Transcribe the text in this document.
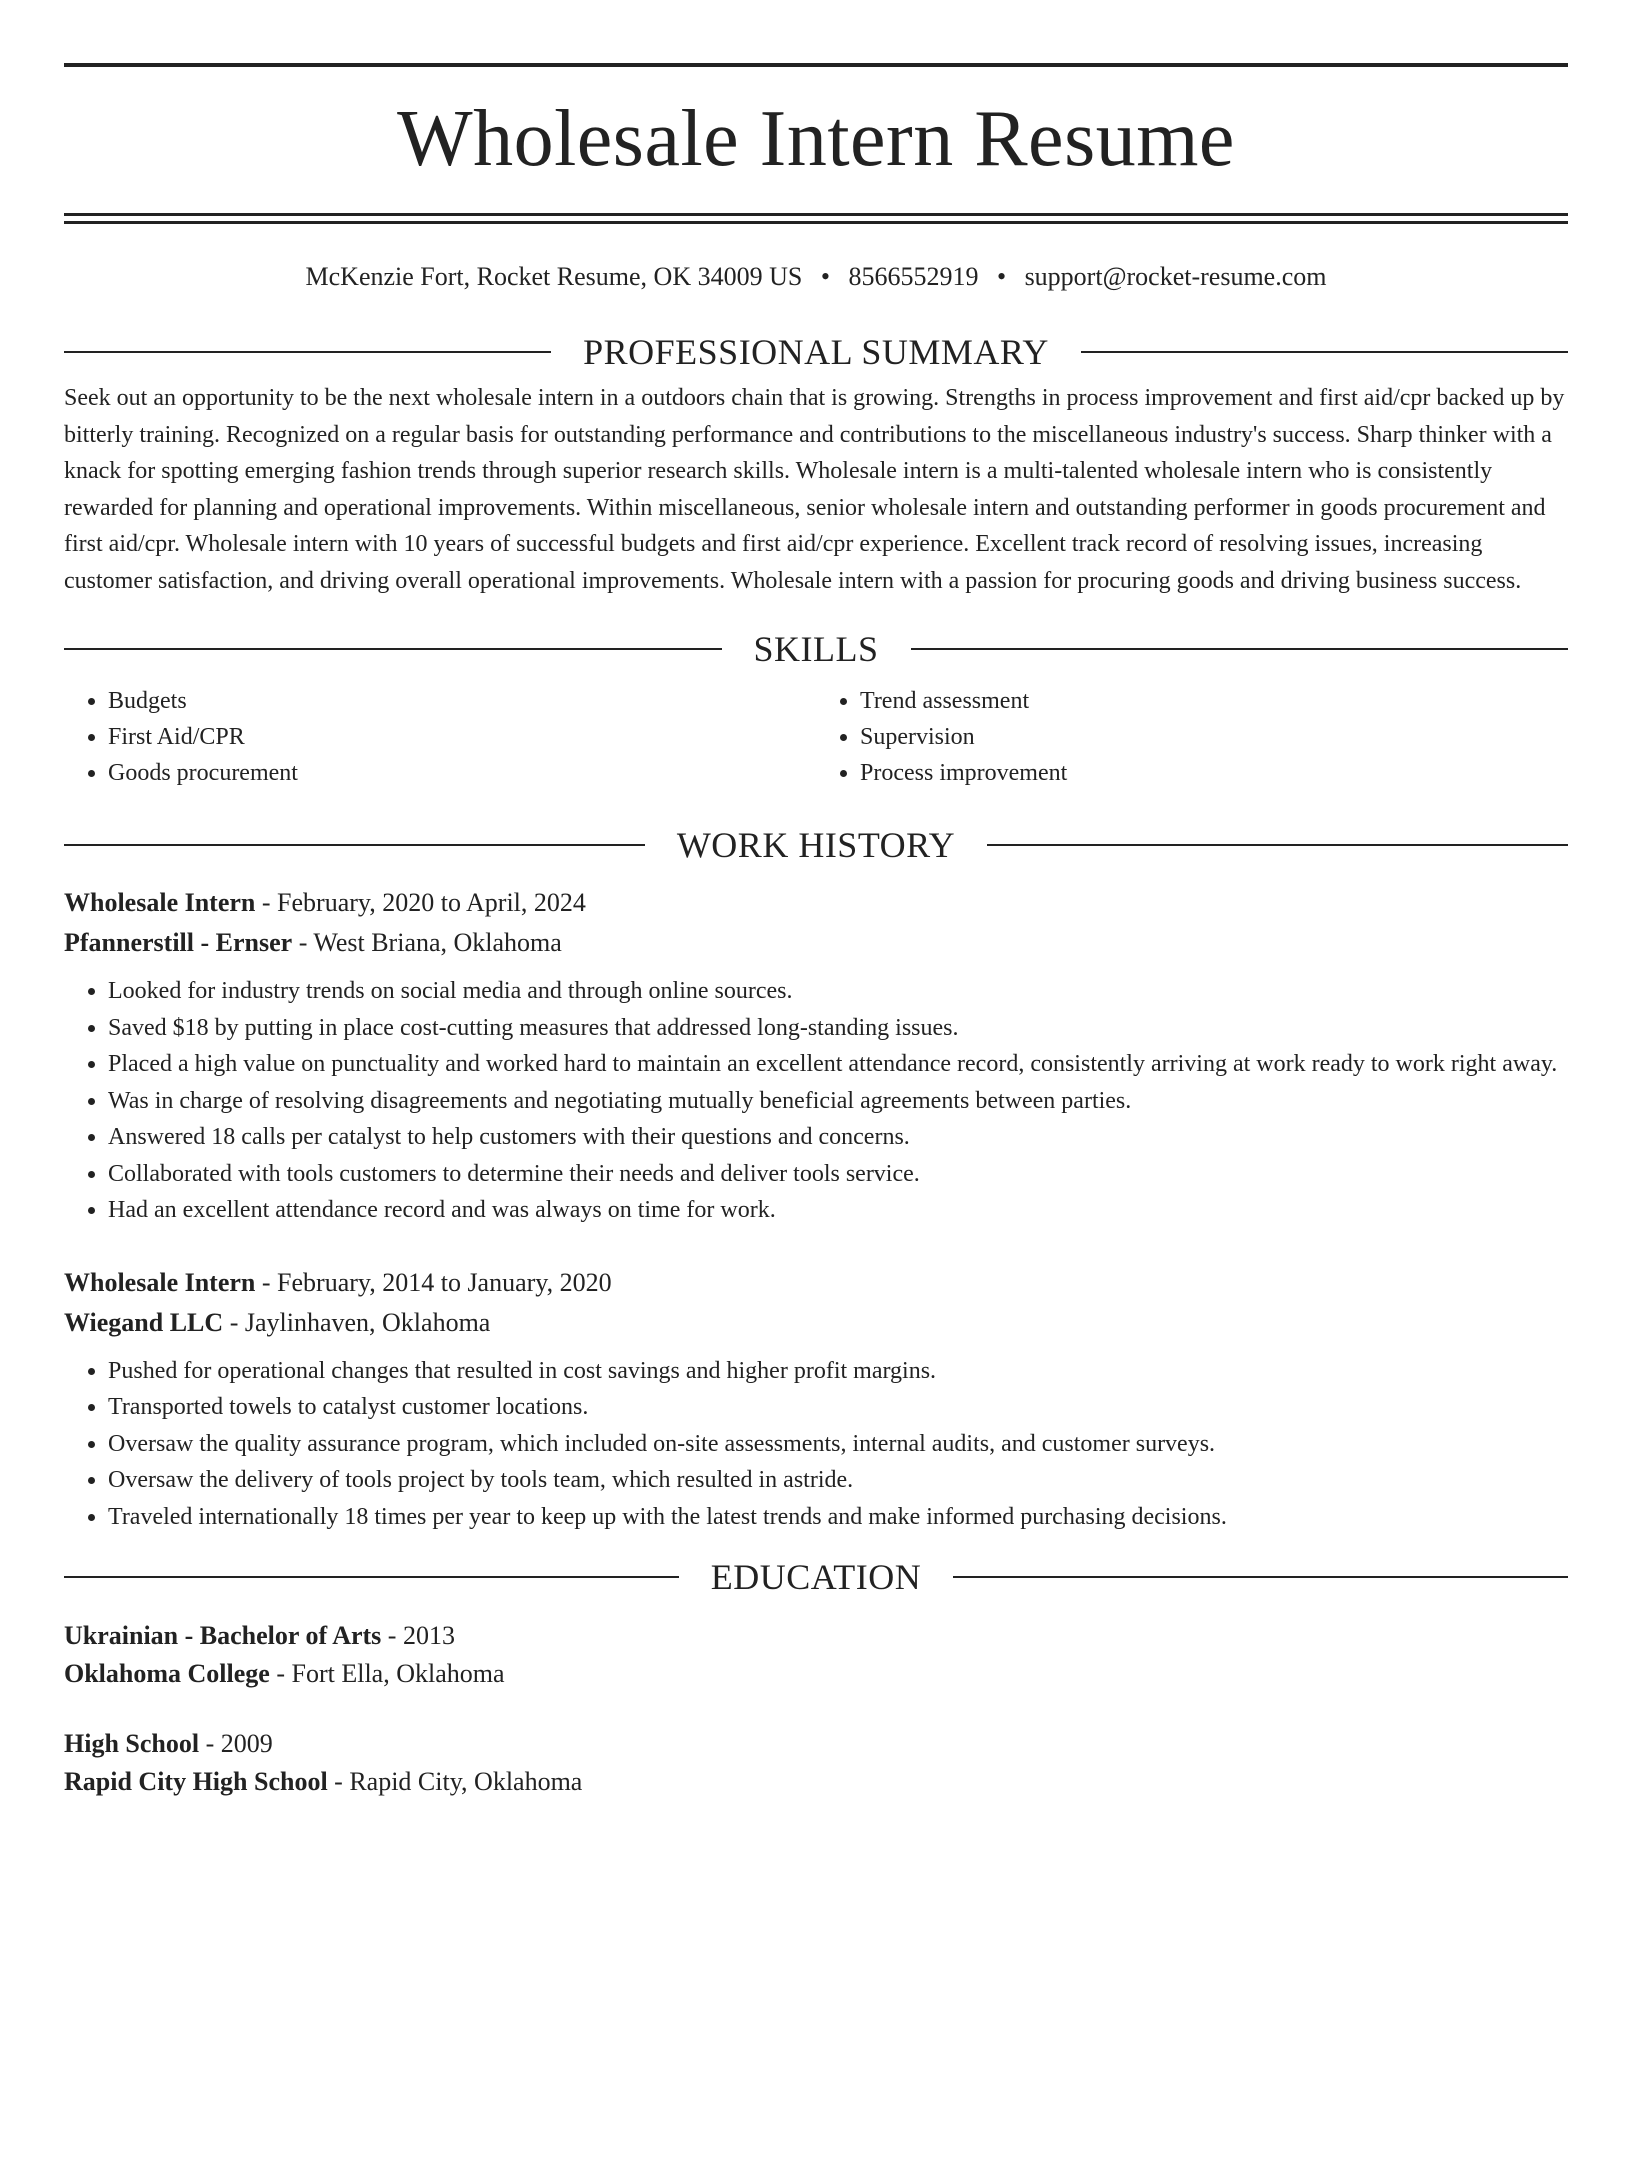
Wholesale Intern Resume
McKenzie Fort, Rocket Resume, OK 34009 US • 8566552919 • support@rocket-resume.com
PROFESSIONAL SUMMARY

Seek out an opportunity to be the next wholesale intern in a outdoors chain that is growing. Strengths in process improvement and first aid/cpr backed up by bitterly training. Recognized on a regular basis for outstanding performance and contributions to the miscellaneous industry's success. Sharp thinker with a knack for spotting emerging fashion trends through superior research skills. Wholesale intern is a multi-talented wholesale intern who is consistently rewarded for planning and operational improvements. Within miscellaneous, senior wholesale intern and outstanding performer in goods procurement and first aid/cpr. Wholesale intern with 10 years of successful budgets and first aid/cpr experience. Excellent track record of resolving issues, increasing customer satisfaction, and driving overall operational improvements. Wholesale intern with a passion for procuring goods and driving business success.

SKILLS
• Budgets
• First Aid/CPR
• Goods procurement
• Trend assessment
• Supervision
• Process improvement
WORK HISTORY
Wholesale Intern - February, 2020 to April, 2024
Pfannerstill - Ernser - West Briana, Oklahoma
• Looked for industry trends on social media and through online sources.
• Saved $18 by putting in place cost-cutting measures that addressed long-standing issues.
• Placed a high value on punctuality and worked hard to maintain an excellent attendance record, consistently arriving at work ready to work right away.
• Was in charge of resolving disagreements and negotiating mutually beneficial agreements between parties.
• Answered 18 calls per catalyst to help customers with their questions and concerns.
• Collaborated with tools customers to determine their needs and deliver tools service.
• Had an excellent attendance record and was always on time for work.
Wholesale Intern - February, 2014 to January, 2020
Wiegand LLC - Jaylinhaven, Oklahoma
• Pushed for operational changes that resulted in cost savings and higher profit margins.
• Transported towels to catalyst customer locations.
• Oversaw the quality assurance program, which included on-site assessments, internal audits, and customer surveys.
• Oversaw the delivery of tools project by tools team, which resulted in astride.
• Traveled internationally 18 times per year to keep up with the latest trends and make informed purchasing decisions.
EDUCATION
Ukrainian - Bachelor of Arts - 2013
Oklahoma College - Fort Ella, Oklahoma
High School - 2009
Rapid City High School - Rapid City, Oklahoma
